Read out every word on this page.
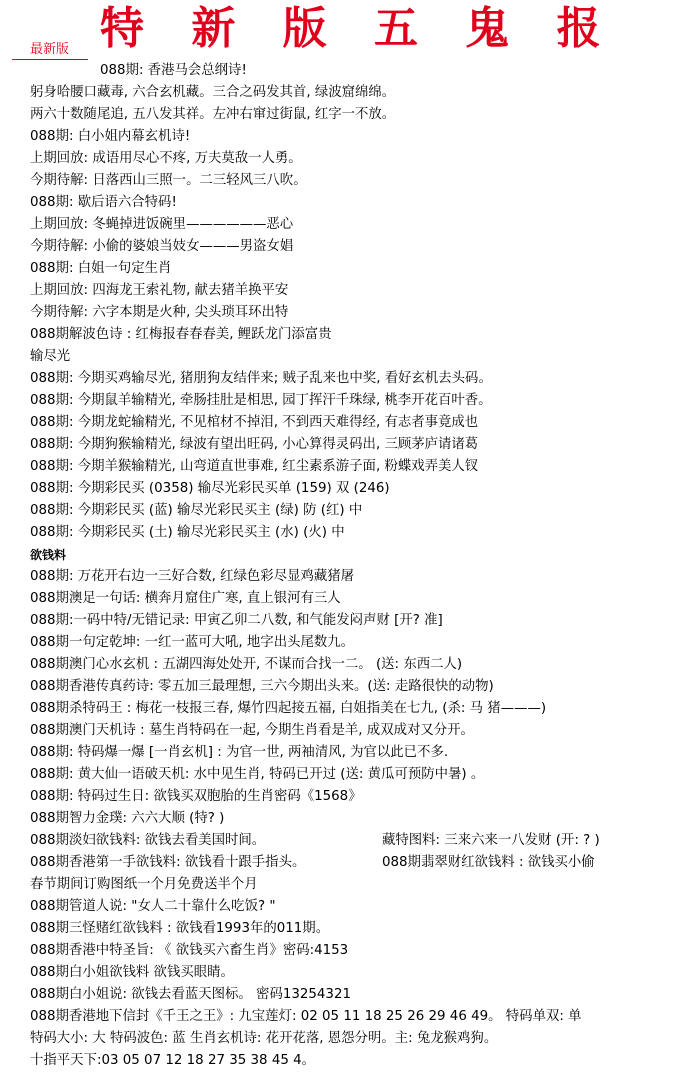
最新版 特 新 版 五 鬼 报
088期: 香港马会总纲诗!
躬身哈腰口藏毒, 六合玄机藏。三合之码发其首, 绿波窟绵绵。
两六十数随尾追, 五八发其祥。左冲右窜过街鼠, 红字一不放。
088期: 白小姐内幕玄机诗!
上期回放: 成语用尽心不疼, 万夫莫敌一人勇。
今期待解: 日落西山三照一。二三轻风三八吹。
088期: 歇后语六合特码!
上期回放: 冬蝇掉进饭碗里——————恶心
今期待解: 小偷的婆娘当妓女———男盗女娼
088期: 白姐一句定生肖
上期回放: 四海龙王索礼物, 献去猪羊换平安
今期待解: 六字本期是火种, 尖头琐耳环出特
088期解波色诗 : 红梅报春春春美, 鲤跃龙门添富贵
输尽光
088期: 今期买鸡输尽光, 猪朋狗友结伴来; 贼子乱来也中奖, 看好玄机去头码。
088期: 今期鼠羊输精光, 牵肠挂肚是相思, 园丁挥汗千珠绿, 桃李开花百叶香。
088期: 今期龙蛇输精光, 不见棺材不掉泪, 不到西天难得经, 有志者事竟成也
088期: 今期狗猴输精光, 绿波有望出旺码, 小心算得灵码出, 三顾茅庐请诸葛
088期: 今期羊猴输精光, 山弯道直世事难, 红尘素系游子面, 粉蝶戏弄美人钗
088期: 今期彩民买 (0358) 输尽光彩民买单 (159) 双 (246)
088期: 今期彩民买 (蓝) 输尽光彩民买主 (绿) 防 (红) 中
088期: 今期彩民买 (土) 输尽光彩民买主 (水) (火) 中
欲钱料
088期: 万花开右边一三好合数, 红绿色彩尽显鸡藏猪屠
088期澳足一句话: 横奔月窟住广寒, 直上银河有三人
088期:一码中特/无错记录: 甲寅乙卯二八数, 和气能发闷声财 [开? 准]
088期一句定乾坤: 一红一蓝可大吼, 地字出头尾数九。
088期澳门心水玄机 : 五湖四海处处开, 不谋而合找一二。 (送: 东西二人)
088期香港传真药诗: 零五加三最理想, 三六今期出头来。(送: 走路很快的动物)
088期杀特码王 : 梅花一枝报三春, 爆竹四起接五福, 白姐指美在七九, (杀: 马 猪———)
088期澳门天机诗 : 墓生肖特码在一起, 今期生肖看是羊, 成双成对又分开。
088期: 特码爆一爆 [一肖玄机] : 为官一世, 两袖清风, 为官以此已不多.
088期: 黄大仙一语破天机: 水中见生肖, 特码已开过 (送: 黄瓜可预防中暑) 。
088期: 特码过生日: 欲钱买双胞胎的生肖密码《1568》
088期智力金璞: 六六大顺 (特? )
088期淡妇欲钱料: 欲钱去看美国时间。	藏特图料: 三来六来一八发财 (开: ? )
088期香港第一手欲钱料: 欲钱看十跟手指头。	088期翡翠财红欲钱料 : 欲钱买小偷
春节期间订购图纸一个月免费送半个月
088期管道人说: "女人二十靠什么吃饭? "
088期三怪赌红欲钱料 : 欲钱看1993年的011期。
088期香港中特圣旨: 《 欲钱买六畜生肖》密码:4153
088期白小姐欲钱料 欲钱买眼睛。
088期白小姐说: 欲钱去看蓝天图标。 密码13254321
088期香港地下信封《千王之王》: 九宝莲灯: 02 05 11 18 25 26 29 46 49。 特码单双: 单
特码大小: 大 特码波色: 蓝 生肖玄机诗: 花开花落, 恩怨分明。主: 兔龙猴鸡狗。
十指平天下:03 05 07 12 18 27 35 38 45 4。
